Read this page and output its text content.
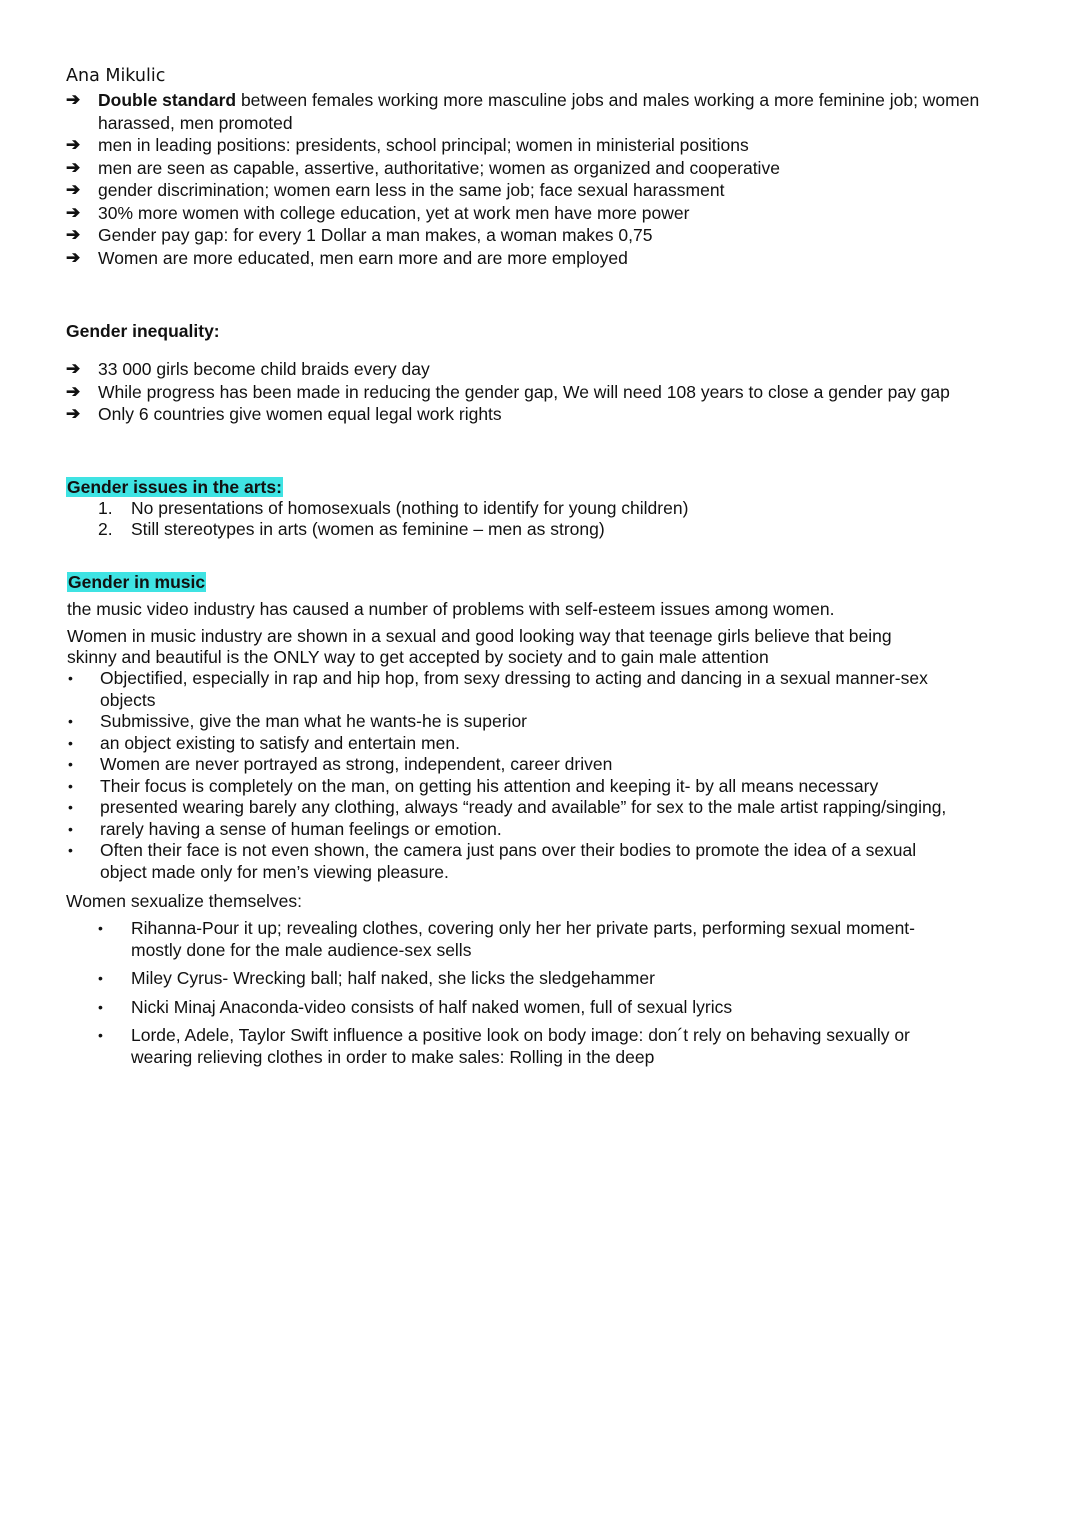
Ana Mikulic
➔ Double standard between females working more masculine jobs and males working a more feminine job; women harassed, men promoted
➔ men in leading positions: presidents, school principal; women in ministerial positions
➔ men are seen as capable, assertive, authoritative; women as organized and cooperative
➔ gender discrimination; women earn less in the same job; face sexual harassment
➔ 30% more women with college education, yet at work men have more power
➔ Gender pay gap: for every 1 Dollar a man makes, a woman makes 0,75
➔ Women are more educated, men earn more and are more employed
Gender inequality:
➔ 33 000 girls become child braids every day
➔ While progress has been made in reducing the gender gap, We will need 108 years to close a gender pay gap
➔ Only 6 countries give women equal legal work rights
Gender issues in the arts:
1. No presentations of homosexuals (nothing to identify for young children)
2. Still stereotypes in arts (women as feminine – men as strong)
Gender in music
the music video industry has caused a number of problems with self-esteem issues among women.
Women in music industry are shown in a sexual and good looking way that teenage girls believe that being skinny and beautiful is the ONLY way to get accepted by society and to gain male attention
• Objectified, especially in rap and hip hop, from sexy dressing to acting and dancing in a sexual manner-sex objects
• Submissive, give the man what he wants-he is superior
• an object existing to satisfy and entertain men.
• Women are never portrayed as strong, independent, career driven
• Their focus is completely on the man, on getting his attention and keeping it- by all means necessary
• presented wearing barely any clothing, always “ready and available” for sex to the male artist rapping/singing,
• rarely having a sense of human feelings or emotion.
• Often their face is not even shown, the camera just pans over their bodies to promote the idea of a sexual object made only for men’s viewing pleasure.
Women sexualize themselves:
• Rihanna-Pour it up; revealing clothes, covering only her her private parts, performing sexual moment-mostly done for the male audience-sex sells
• Miley Cyrus- Wrecking ball; half naked, she licks the sledgehammer
• Nicki Minaj Anaconda-video consists of half naked women, full of sexual lyrics
• Lorde, Adele, Taylor Swift influence a positive look on body image: don´t rely on behaving sexually or wearing relieving clothes in order to make sales: Rolling in the deep
